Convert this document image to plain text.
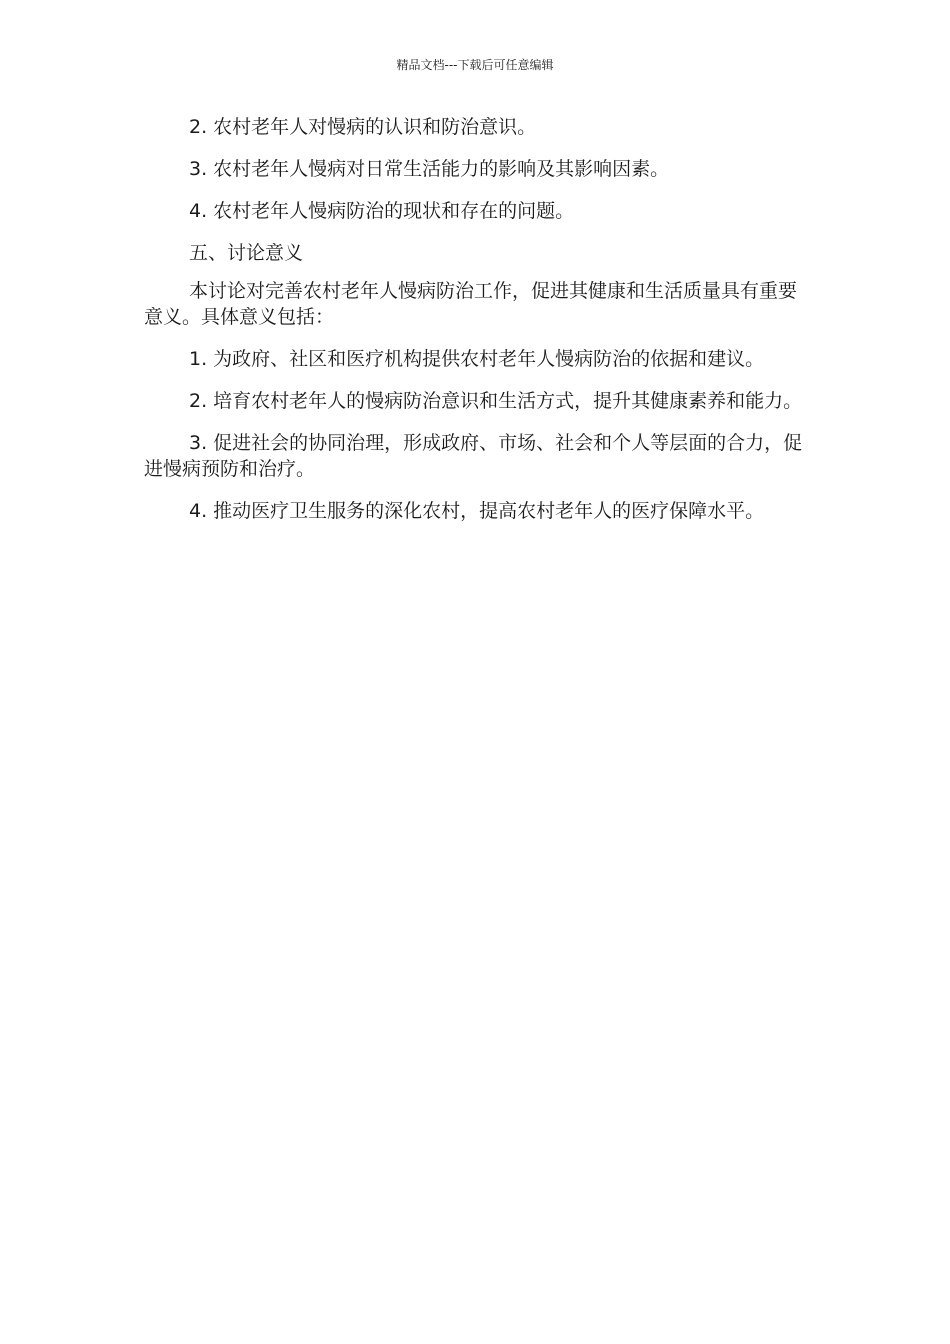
精品文档---下载后可任意编辑

2. 农村老年人对慢病的认识和防治意识。

3. 农村老年人慢病对日常生活能力的影响及其影响因素。

4. 农村老年人慢病防治的现状和存在的问题。

五、讨论意义

本讨论对完善农村老年人慢病防治工作，促进其健康和生活质量具有重要意义。具体意义包括：

1. 为政府、社区和医疗机构提供农村老年人慢病防治的依据和建议。

2. 培育农村老年人的慢病防治意识和生活方式，提升其健康素养和能力。

3. 促进社会的协同治理，形成政府、市场、社会和个人等层面的合力，促进慢病预防和治疗。

4. 推动医疗卫生服务的深化农村，提高农村老年人的医疗保障水平。
